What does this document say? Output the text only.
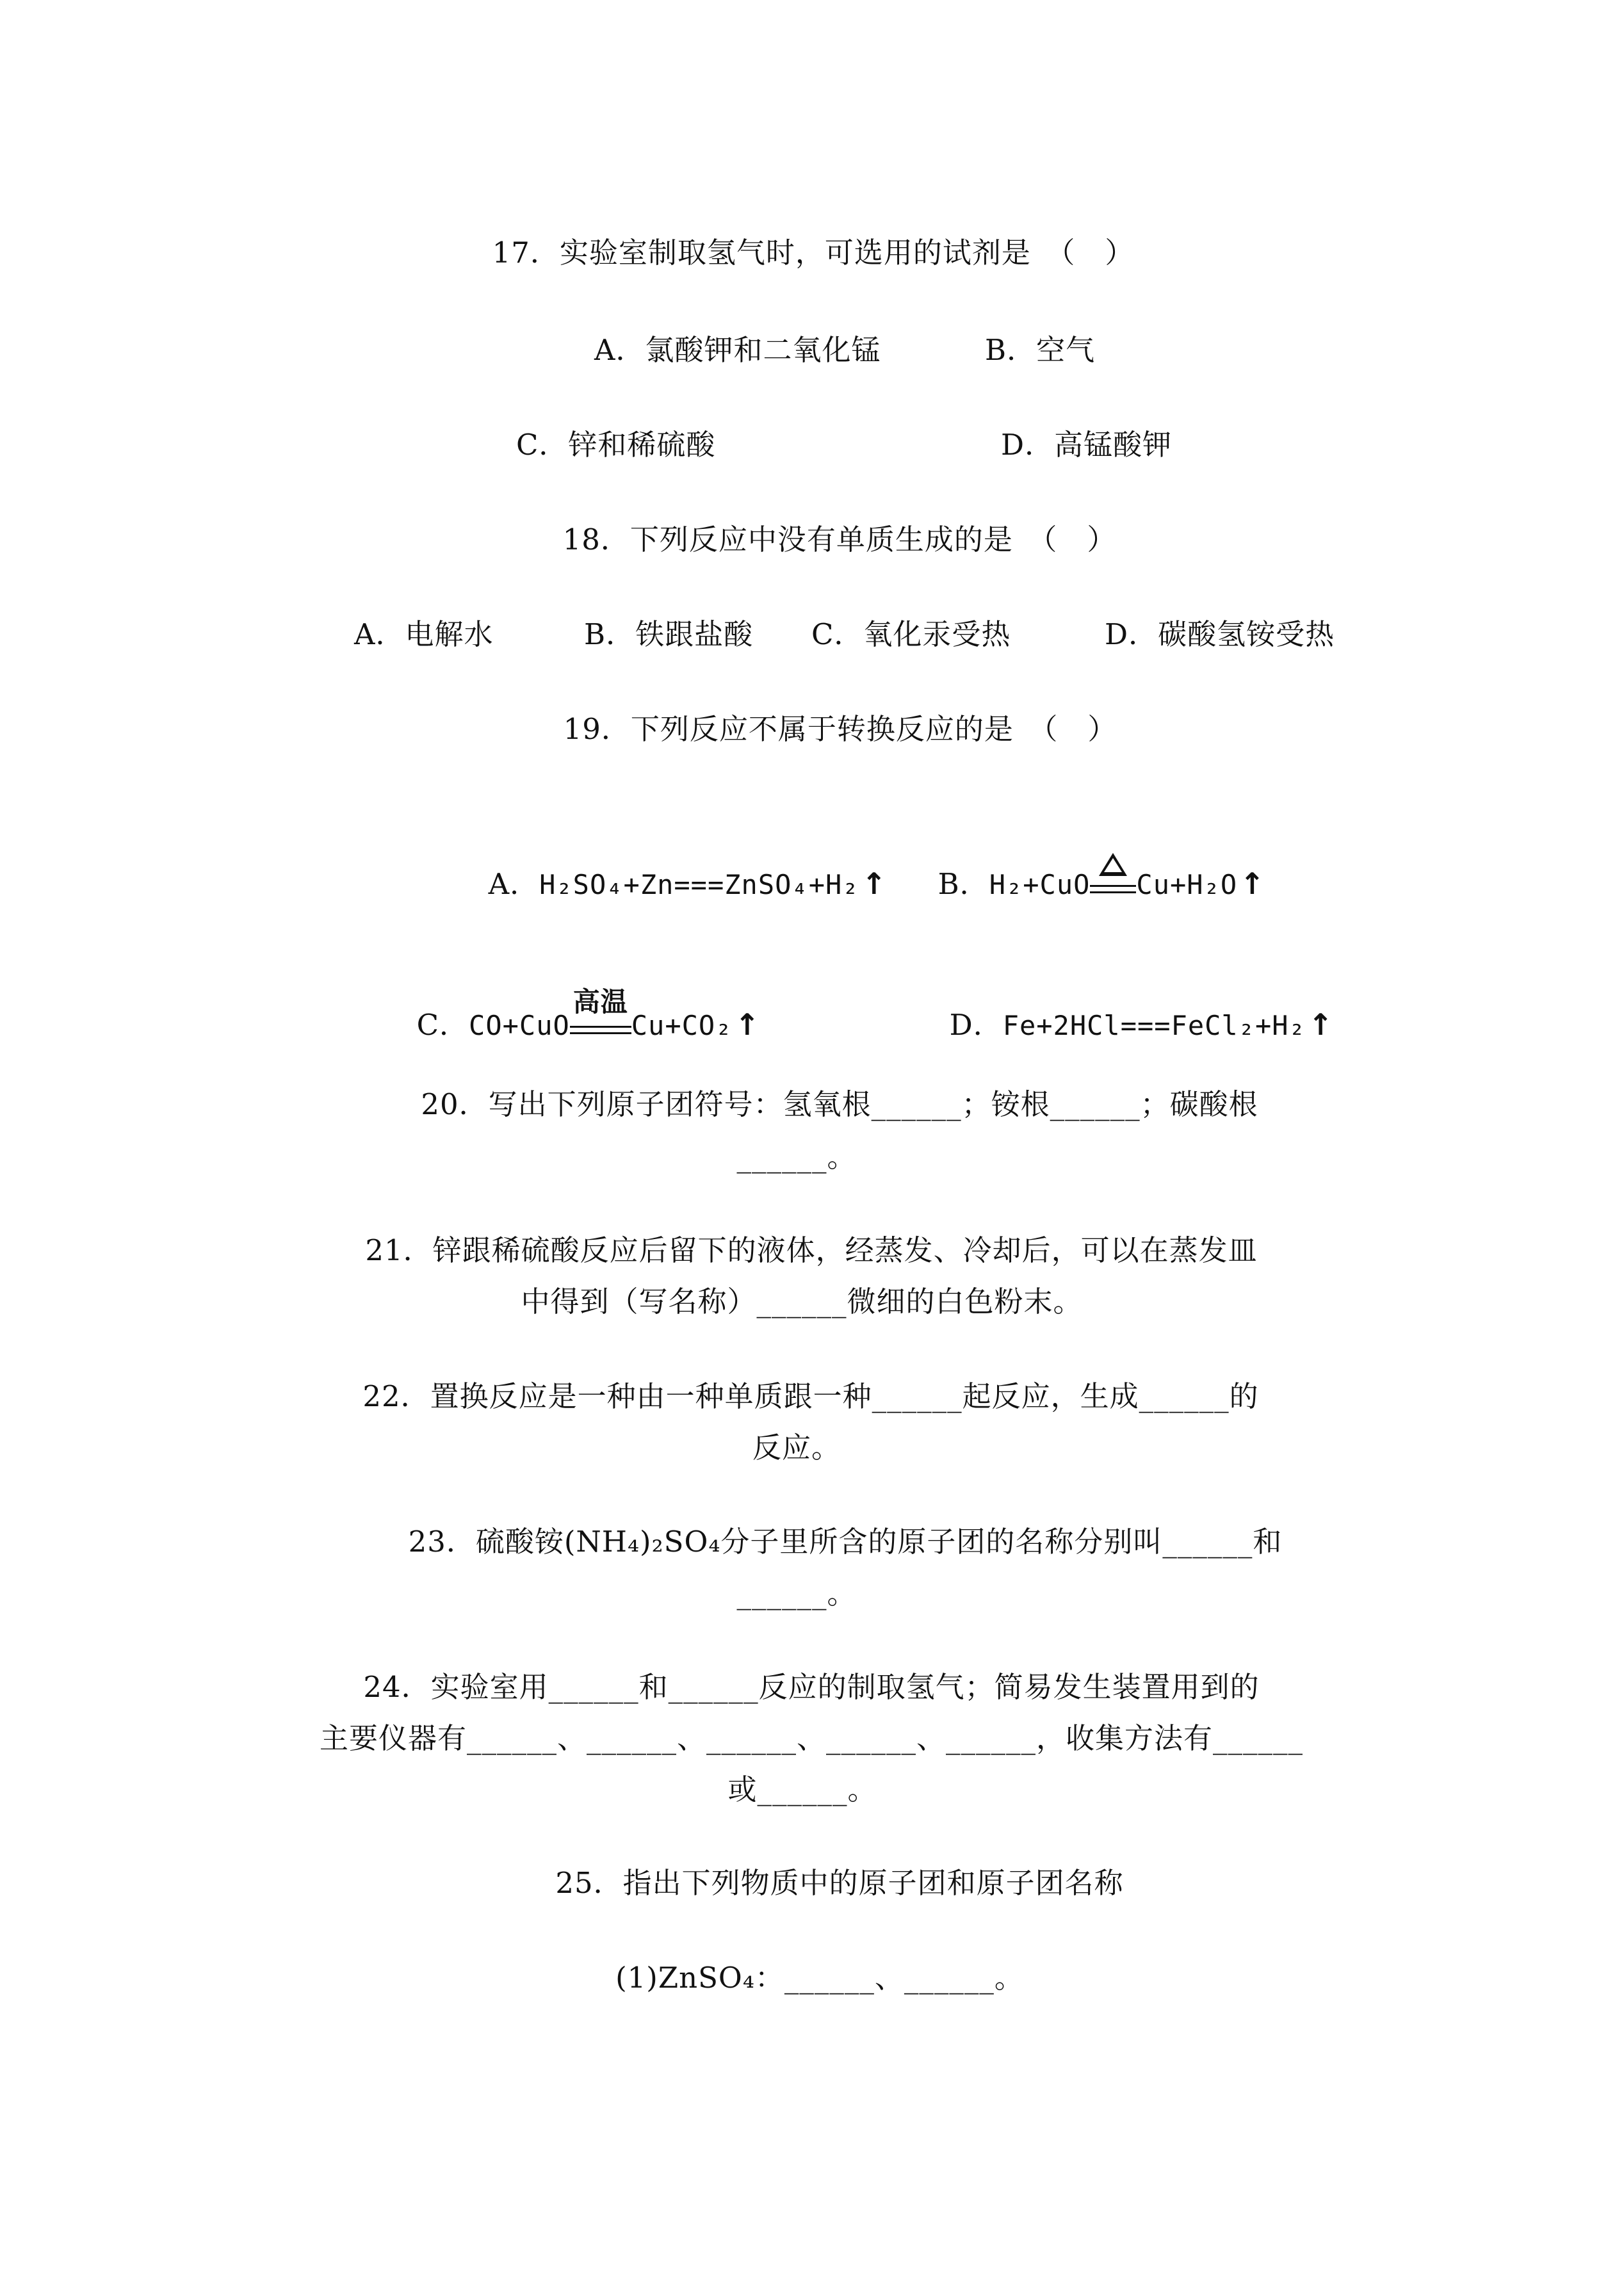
17．实验室制取氢气时，可选用的试剂是　（　）
A．氯酸钾和二氧化锰	B．空气
C．锌和稀硫酸	D．高锰酸钾
18．下列反应中没有单质生成的是　（　）
A．电解水	B．铁跟盐酸 C．氧化汞受热	D．碳酸氢铵受热
19．下列反应不属于转换反应的是　（　）

A．H₂SO₄+Zn===ZnSO₄+H₂↑	B．H₂+CuO Cu+H₂O↑

C．CO+CuO
高温
Cu+CO₂↑	D．Fe+2HCl===FeCl₂+H₂↑

20．写出下列原子团符号：氢氧根______；铵根______；碳酸根
______。
21．锌跟稀硫酸反应后留下的液体，经蒸发、冷却后，可以在蒸发皿
中得到（写名称）______微细的白色粉末。
22．置换反应是一种由一种单质跟一种______起反应，生成______的
反应。
23．硫酸铵(NH₄)₂SO₄分子里所含的原子团的名称分别叫______和
______。
24．实验室用______和______反应的制取氢气；简易发生装置用到的
主要仪器有______、______、______、______、______，收集方法有______
或______。
25．指出下列物质中的原子团和原子团名称
(1)ZnSO₄：______、______。
